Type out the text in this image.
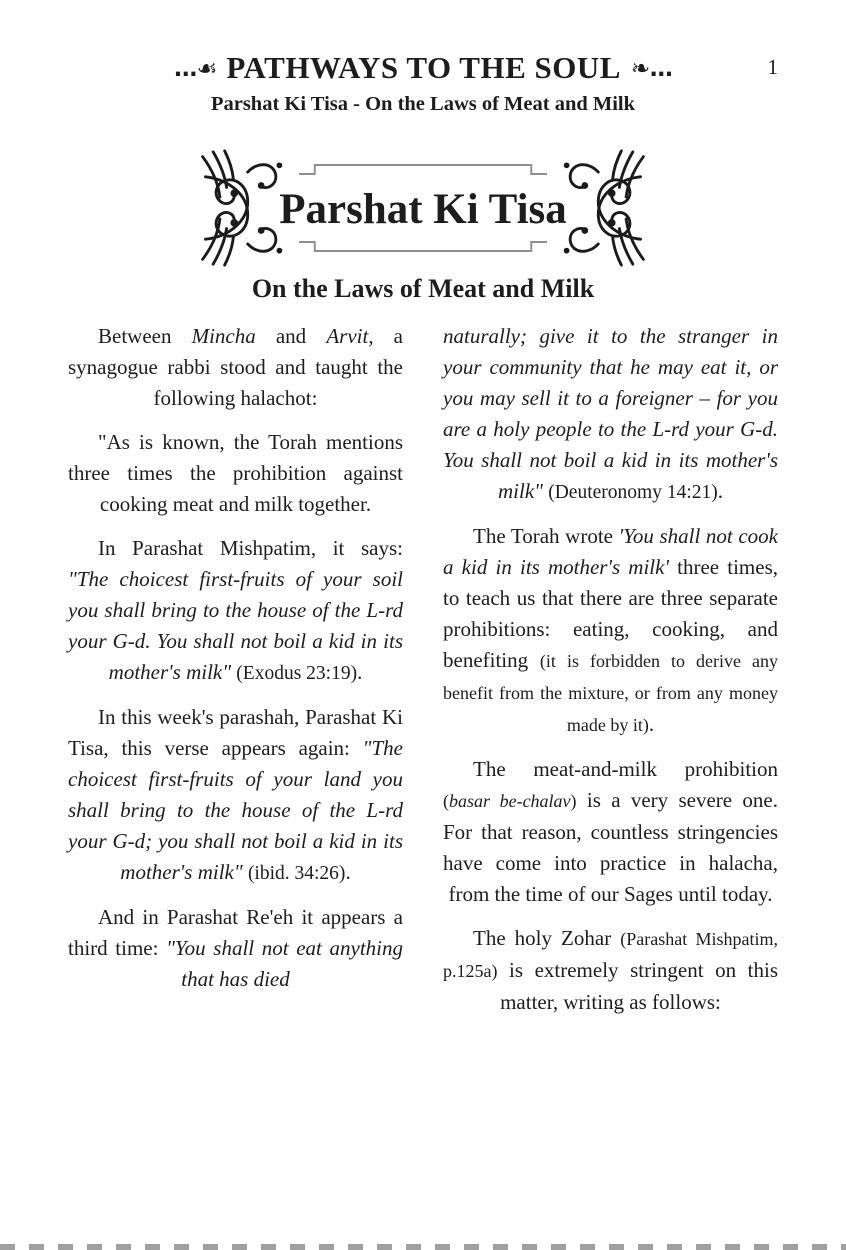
...☙ PATHWAYS TO THE SOUL ❧...	1
Parshat Ki Tisa - On the Laws of Meat and Milk
Parshat Ki Tisa
On the Laws of Meat and Milk

Between Mincha and Arvit, a synagogue rabbi stood and taught the following halachot:

"As is known, the Torah mentions three times the prohibition against cooking meat and milk together.

In Parashat Mishpatim, it says: "The choicest first-fruits of your soil you shall bring to the house of the L-rd your G-d. You shall not boil a kid in its mother's milk" (Exodus 23:19).

In this week's parashah, Parashat Ki Tisa, this verse appears again: "The choicest first-fruits of your land you shall bring to the house of the L-rd your G-d; you shall not boil a kid in its mother's milk" (ibid. 34:26).

And in Parashat Re'eh it appears a third time: "You shall not eat anything that has died

naturally; give it to the stranger in your community that he may eat it, or you may sell it to a foreigner – for you are a holy people to the L-rd your G-d. You shall not boil a kid in its mother's milk" (Deuteronomy 14:21).

The Torah wrote 'You shall not cook a kid in its mother's milk' three times, to teach us that there are three separate prohibitions: eating, cooking, and benefiting (it is forbidden to derive any benefit from the mixture, or from any money made by it).

The meat-and-milk prohibition (basar be-chalav) is a very severe one. For that reason, countless stringencies have come into practice in halacha, from the time of our Sages until today.

The holy Zohar (Parashat Mishpatim, p.125a) is extremely stringent on this matter, writing as follows:
